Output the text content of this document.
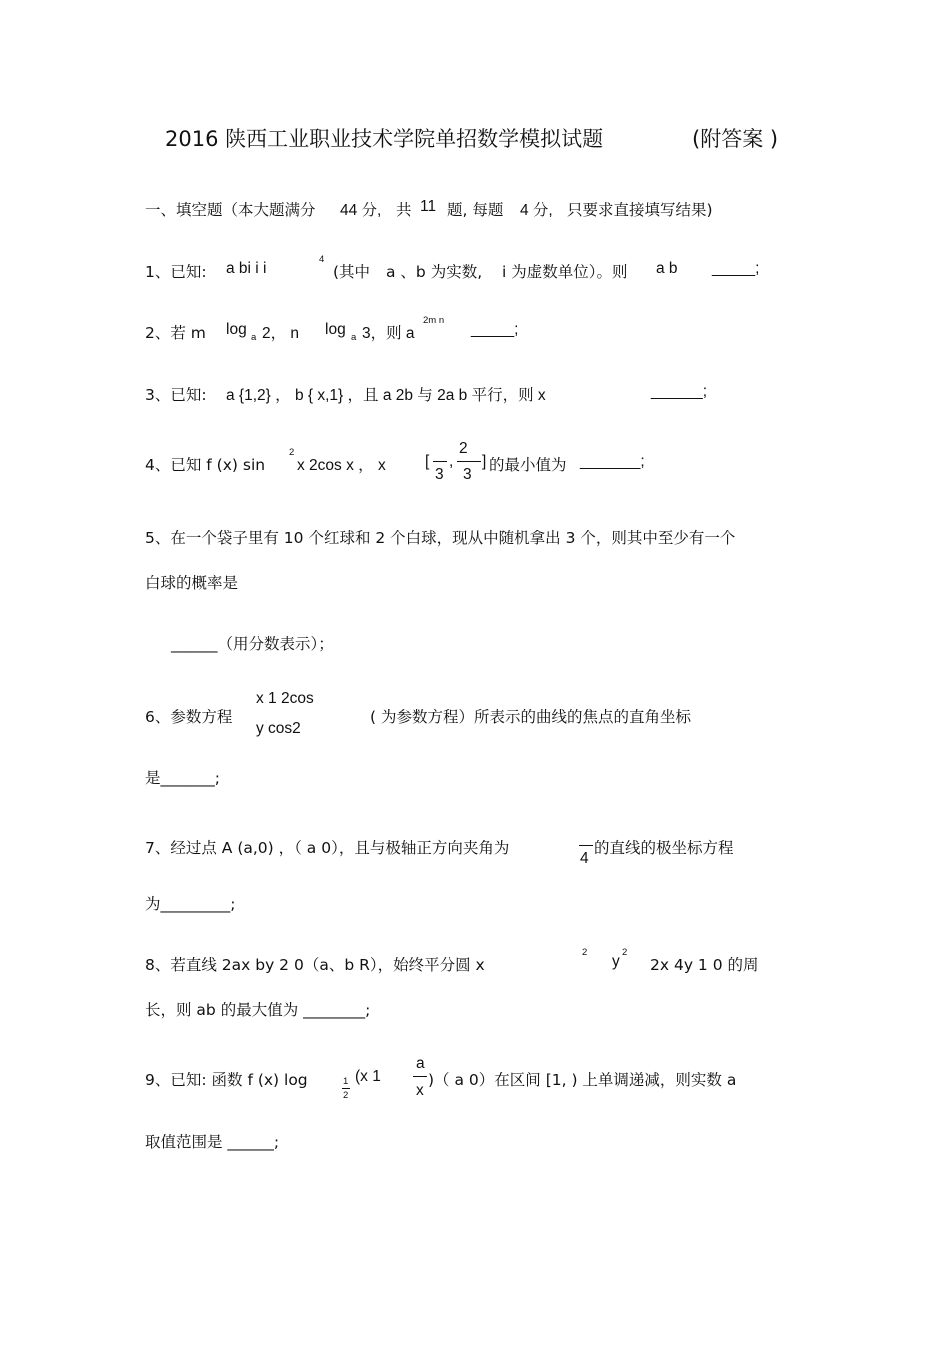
2016 陕西工业职业技术学院单招数学模拟试题	(附答案 )
一、填空题（本大题满分 44 分, 共 11 题, 每题 4 分, 只要求直接填写结果)
1、已知: a bi i i
4
(其中 a 、b 为实数, i 为虚数单位）。则 a b _____;
2、若 m log a 2， n log a 3，则 a
2m n
_____;
3、已知: a {1,2} ， b { x,1} ，且 a 2b 与 2a b 平行，则 x	______;
4、已知 f (x) sin
2
x 2cos x ， x	[
3
,
2
3
] 的最小值为 _______;
5、在一个袋子里有 10 个红球和 2 个白球，现从中随机拿出 3 个，则其中至少有一个
白球的概率是
______（用分数表示）；
6、参数方程
x 1 2cos
y cos2
( 为参数方程）所表示的曲线的焦点的直角坐标
是_______;
7、经过点 A (a,0) ，（ a 0），且与极轴正方向夹角为
4
的直线的极坐标方程
为_________;
8、若直线 2ax by 2 0（a、b R），始终平分圆 x
2
y
2
2x 4y 1 0 的周
长，则 ab 的最大值为 ________;
9、已知: 函数 f (x) log	1
2
(x 1
a
x
)（ a 0）在区间 [1, ) 上单调递减，则实数 a
取值范围是 ______;
